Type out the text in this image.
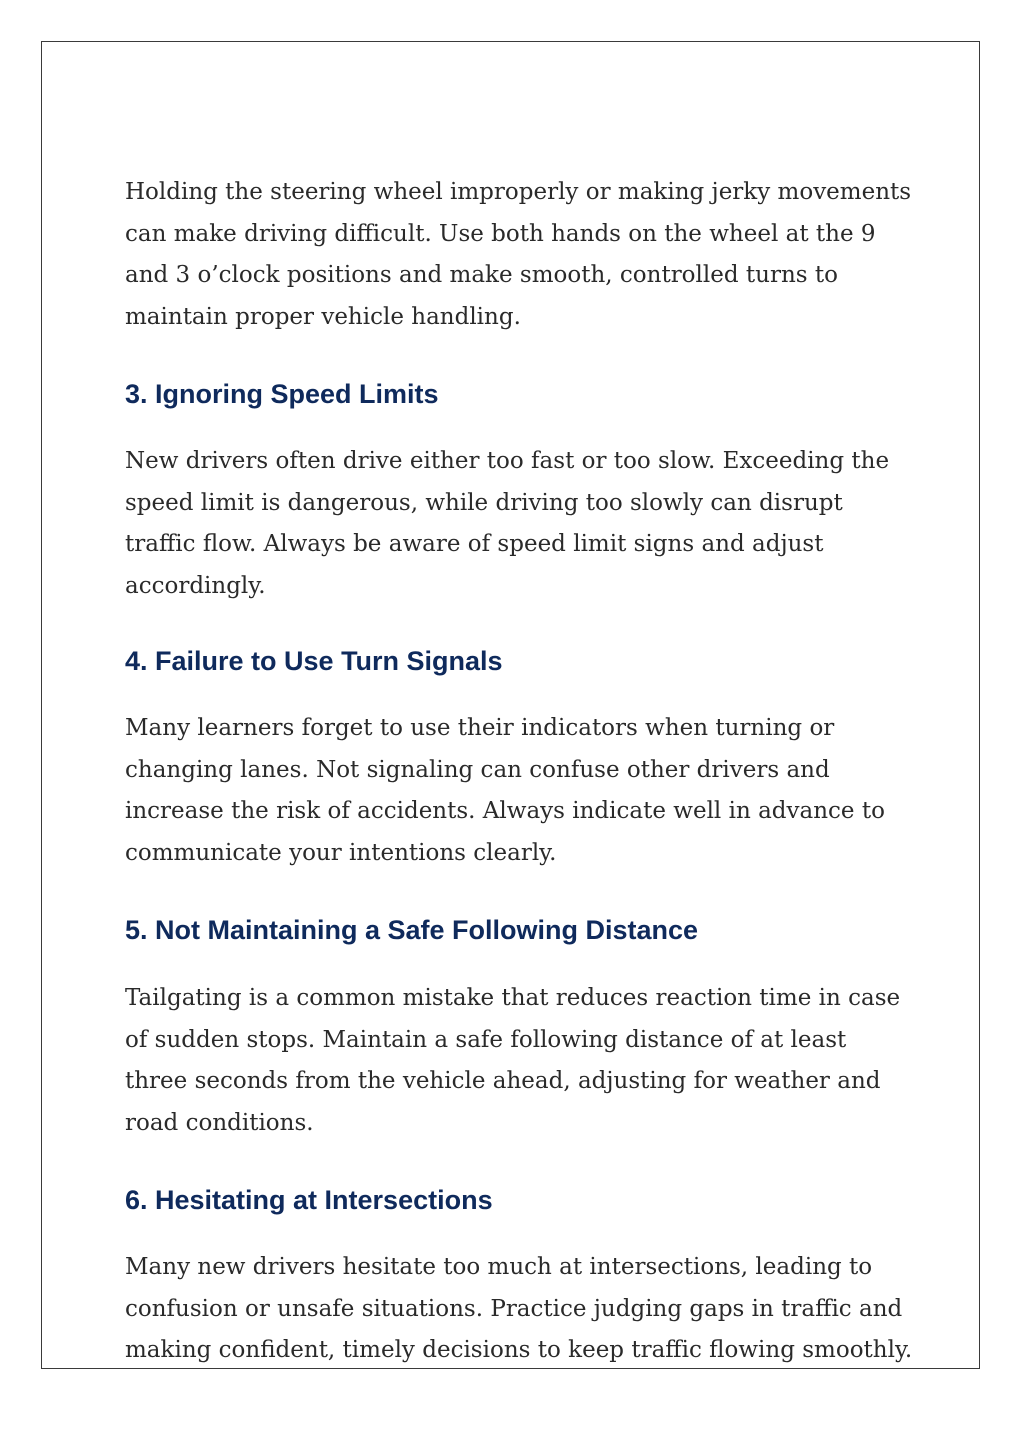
Holding the steering wheel improperly or making jerky movements can make driving difficult. Use both hands on the wheel at the 9 and 3 o’clock positions and make smooth, controlled turns to maintain proper vehicle handling.

3. Ignoring Speed Limits

New drivers often drive either too fast or too slow. Exceeding the speed limit is dangerous, while driving too slowly can disrupt traffic flow. Always be aware of speed limit signs and adjust accordingly.

4. Failure to Use Turn Signals

Many learners forget to use their indicators when turning or changing lanes. Not signaling can confuse other drivers and increase the risk of accidents. Always indicate well in advance to communicate your intentions clearly.

5. Not Maintaining a Safe Following Distance

Tailgating is a common mistake that reduces reaction time in case of sudden stops. Maintain a safe following distance of at least three seconds from the vehicle ahead, adjusting for weather and road conditions.

6. Hesitating at Intersections

Many new drivers hesitate too much at intersections, leading to confusion or unsafe situations. Practice judging gaps in traffic and making confident, timely decisions to keep traffic flowing smoothly.
